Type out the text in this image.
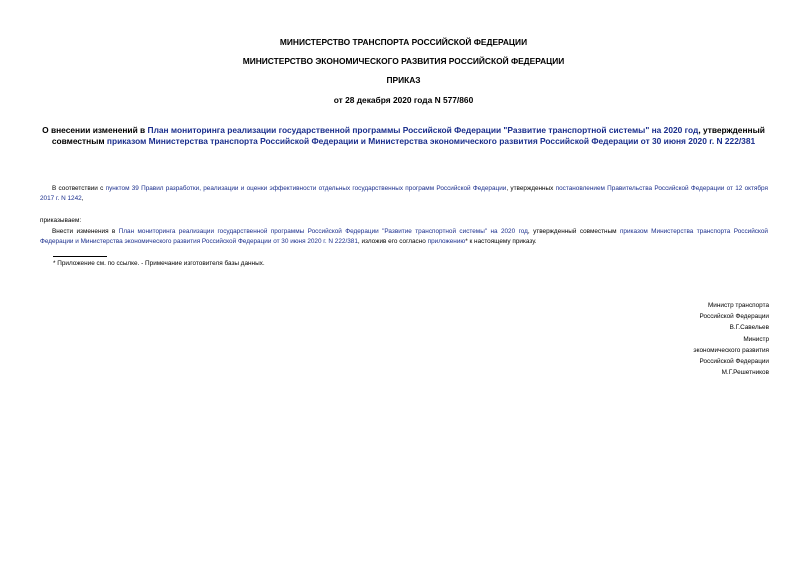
МИНИСТЕРСТВО ТРАНСПОРТА РОССИЙСКОЙ ФЕДЕРАЦИИ
МИНИСТЕРСТВО ЭКОНОМИЧЕСКОГО РАЗВИТИЯ РОССИЙСКОЙ ФЕДЕРАЦИИ
ПРИКАЗ
от 28 декабря 2020 года N 577/860
О внесении изменений в План мониторинга реализации государственной программы Российской Федерации "Развитие транспортной системы" на 2020 год, утвержденный совместным приказом Министерства транспорта Российской Федерации и Министерства экономического развития Российской Федерации от 30 июня 2020 г. N 222/381
В соответствии с пунктом 39 Правил разработки, реализации и оценки эффективности отдельных государственных программ Российской Федерации, утвержденных постановлением Правительства Российской Федерации от 12 октября 2017 г. N 1242,
приказываем:
Внести изменения в План мониторинга реализации государственной программы Российской Федерации "Развитие транспортной системы" на 2020 год, утвержденный совместным приказом Министерства транспорта Российской Федерации и Министерства экономического развития Российской Федерации от 30 июня 2020 г. N 222/381, изложив его согласно приложению* к настоящему приказу.
* Приложение см. по ссылке. - Примечание изготовителя базы данных.
Министр транспорта
Российской Федерации
В.Г.Савельев
Министр
экономического развития
Российской Федерации
М.Г.Решетников
